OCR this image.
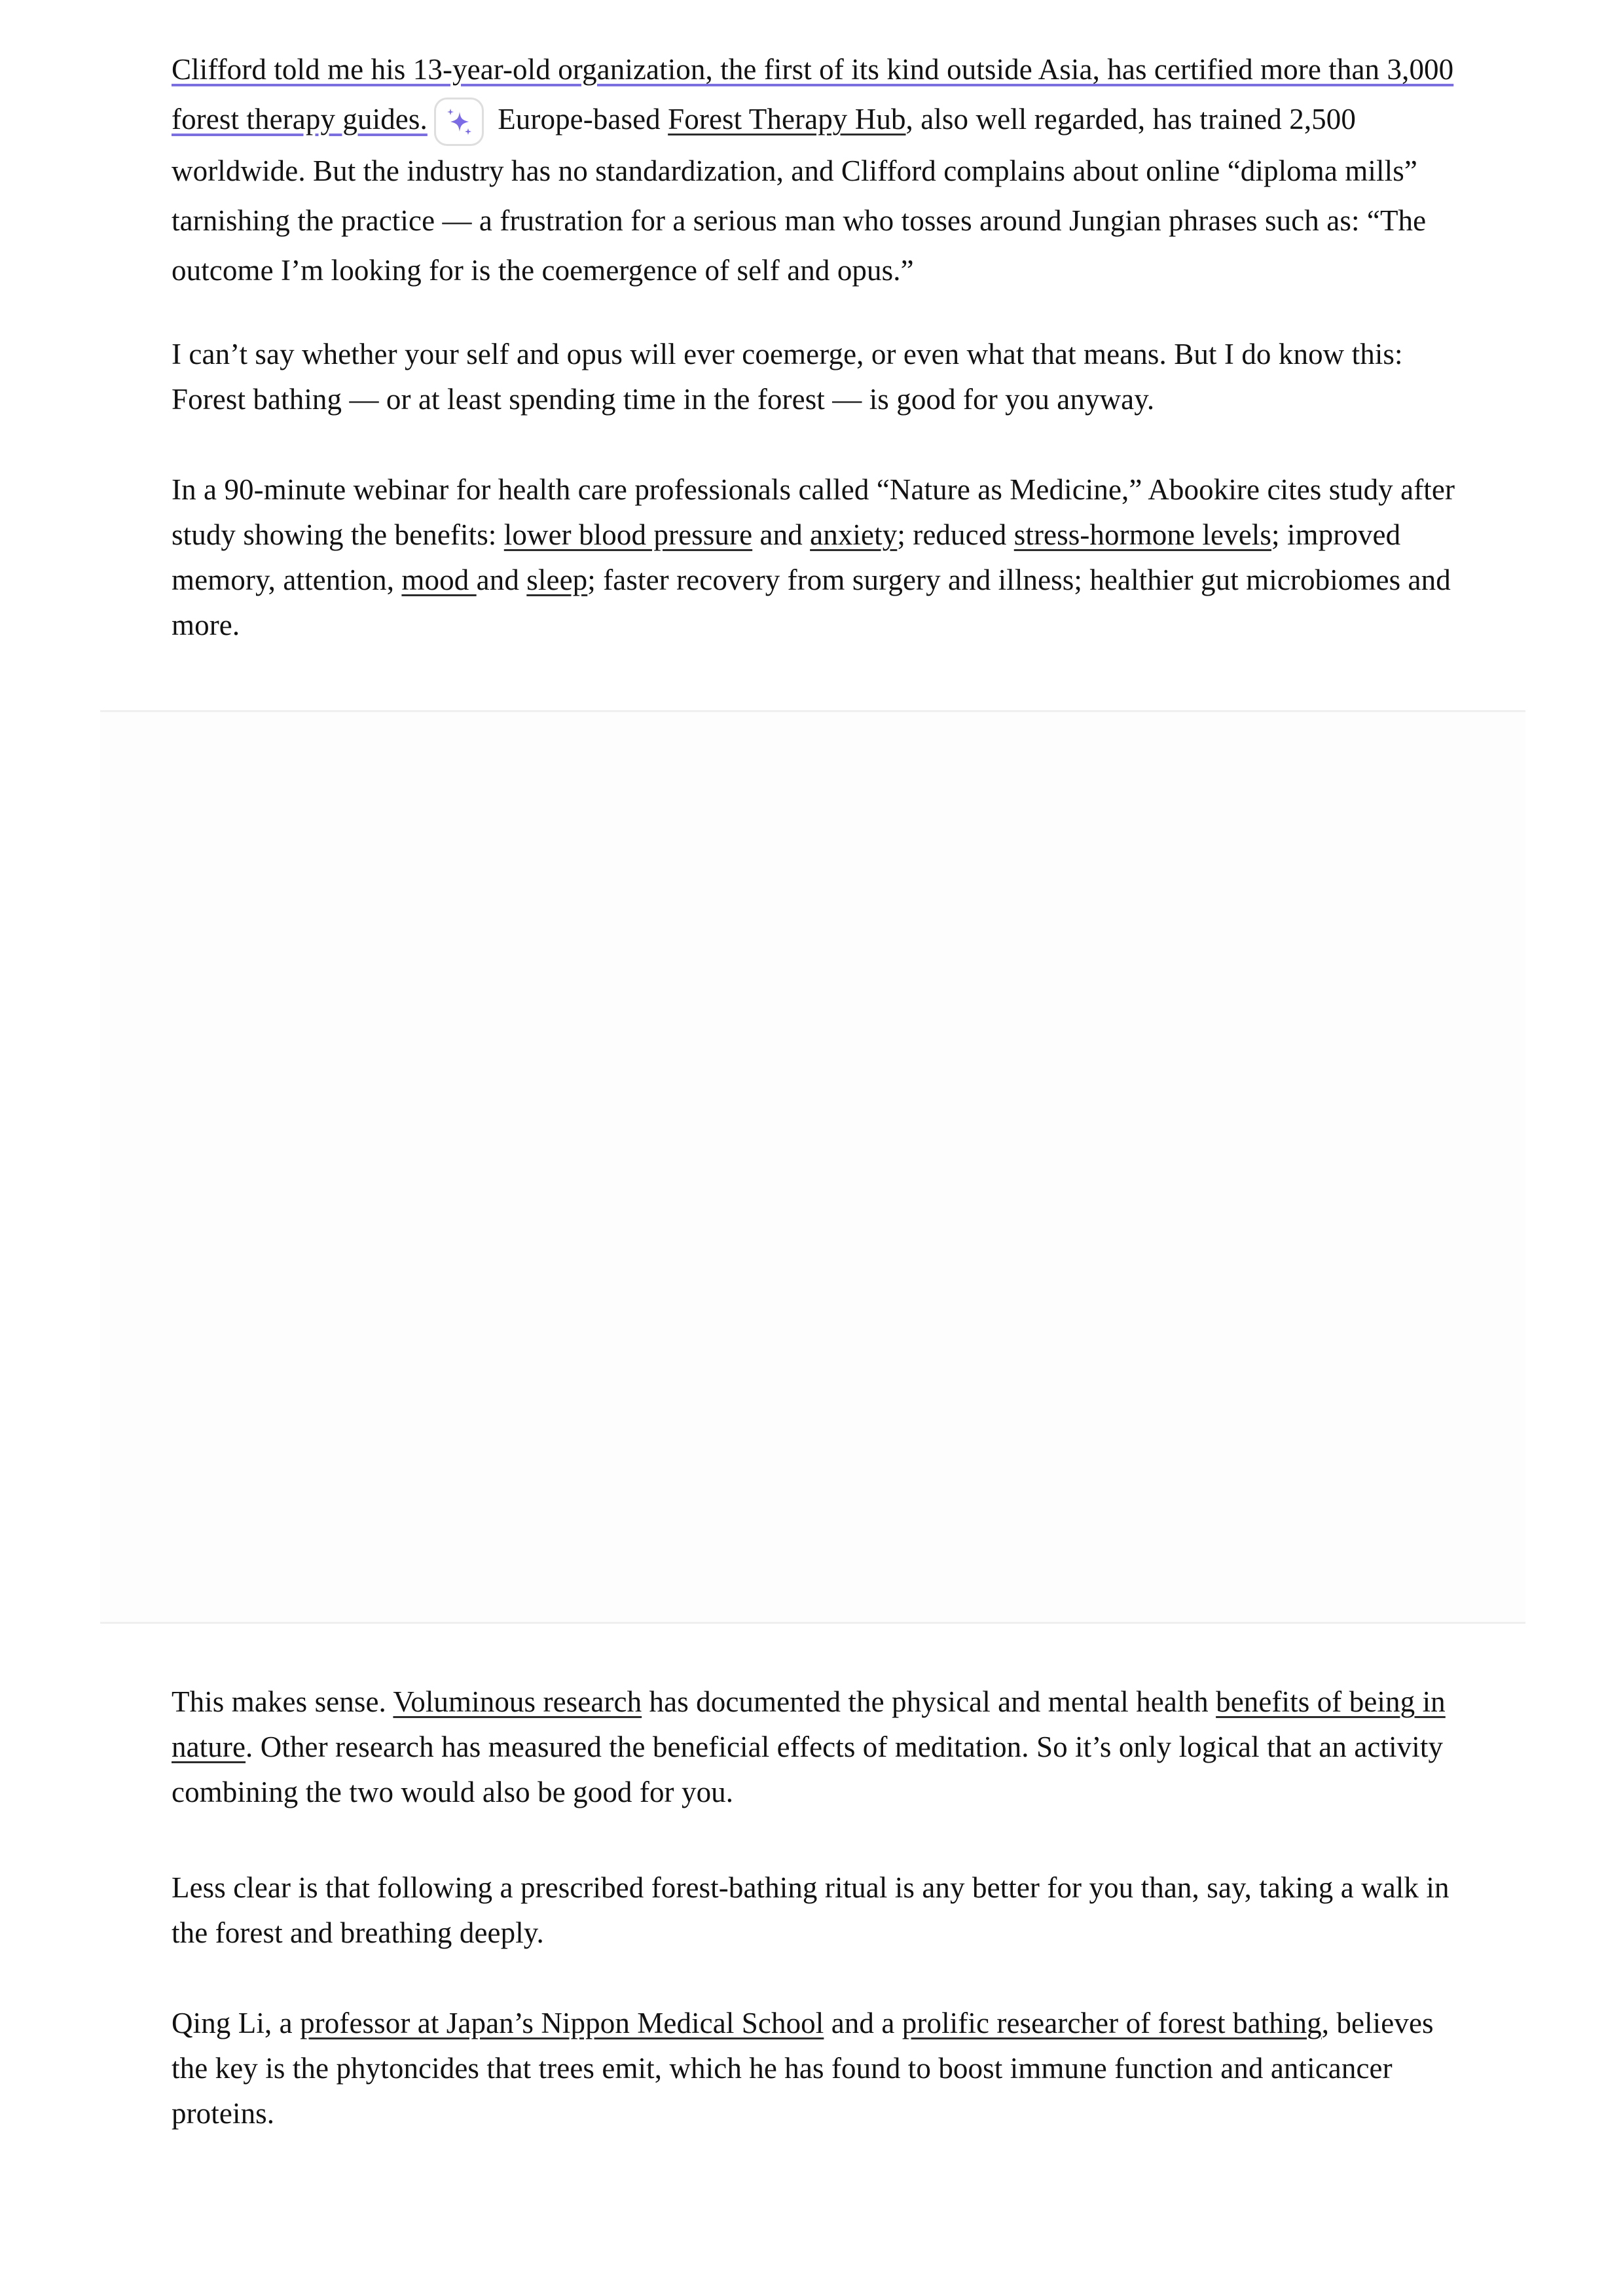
Clifford told me his 13-year-old organization, the first of its kind outside Asia, has certified more than 3,000 forest therapy guides.
Europe-based Forest Therapy Hub, also well regarded, has trained 2,500 worldwide. But the industry has no standardization, and Clifford complains about online “diploma mills” tarnishing the practice — a frustration for a serious man who tosses around Jungian phrases such as: “The outcome I’m looking for is the coemergence of self and opus.”

I can’t say whether your self and opus will ever coemerge, or even what that means. But I do know this: Forest bathing — or at least spending time in the forest — is good for you anyway.

In a 90-minute webinar for health care professionals called “Nature as Medicine,” Abookire cites study after study showing the benefits: lower blood pressure and anxiety; reduced stress-hormone levels; improved memory, attention, mood and sleep; faster recovery from surgery and illness; healthier gut microbiomes and more.

This makes sense. Voluminous research has documented the physical and mental health benefits of being in nature. Other research has measured the beneficial effects of meditation. So it’s only logical that an activity combining the two would also be good for you.

Less clear is that following a prescribed forest-bathing ritual is any better for you than, say, taking a walk in the forest and breathing deeply.

Qing Li, a professor at Japan’s Nippon Medical School and a prolific researcher of forest bathing, believes the key is the phytoncides that trees emit, which he has found to boost immune function and anticancer proteins.
